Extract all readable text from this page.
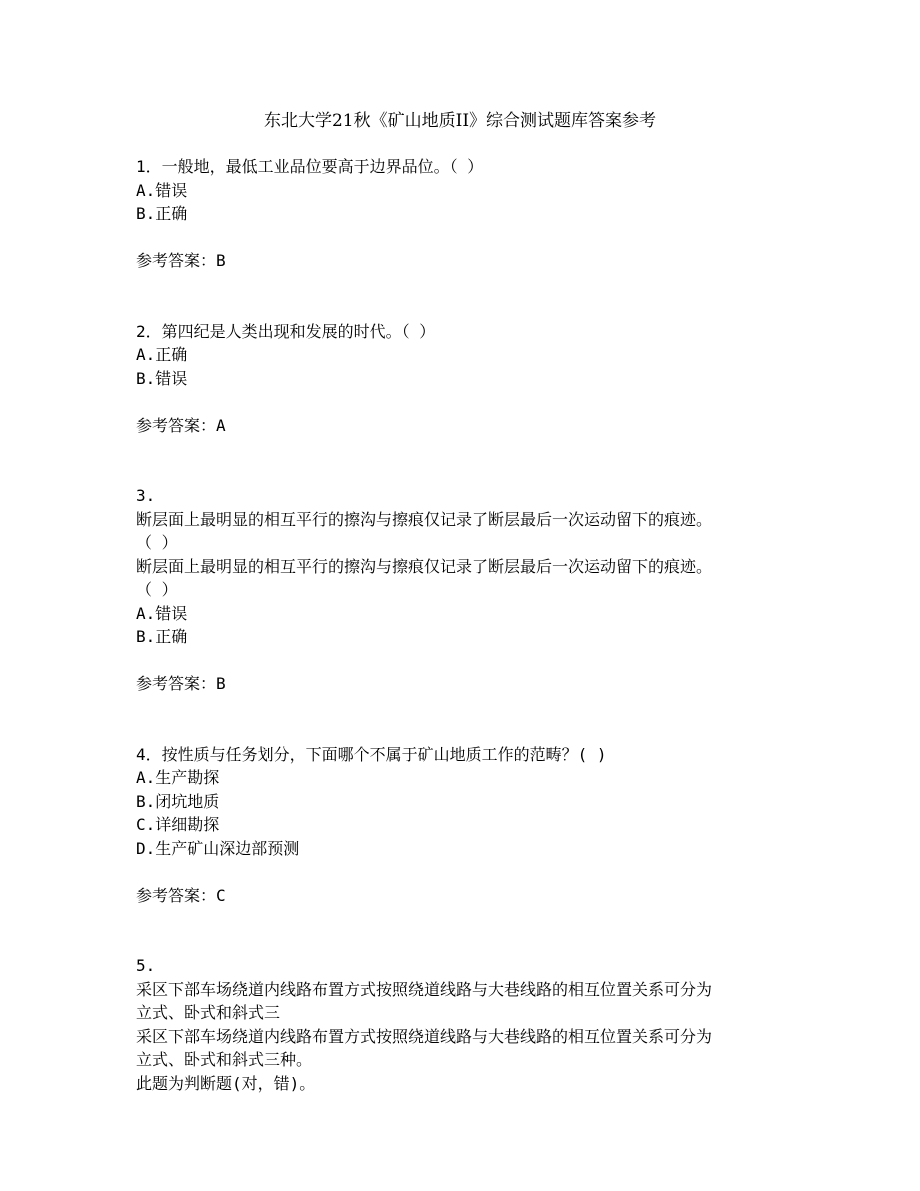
东北大学21秋《矿山地质II》综合测试题库答案参考
1．一般地，最低工业品位要高于边界品位。（ ）
A.错误
B.正确
参考答案：B
2．第四纪是人类出现和发展的时代。（ ）
A.正确
B.错误
参考答案：A
3.
断层面上最明显的相互平行的擦沟与擦痕仅记录了断层最后一次运动留下的痕迹。
（ ）
断层面上最明显的相互平行的擦沟与擦痕仅记录了断层最后一次运动留下的痕迹。
（ ）
A.错误
B.正确
参考答案：B
4．按性质与任务划分，下面哪个不属于矿山地质工作的范畴？( )
A.生产勘探
B.闭坑地质
C.详细勘探
D.生产矿山深边部预测
参考答案：C
5.
采区下部车场绕道内线路布置方式按照绕道线路与大巷线路的相互位置关系可分为
立式、卧式和斜式三
采区下部车场绕道内线路布置方式按照绕道线路与大巷线路的相互位置关系可分为
立式、卧式和斜式三种。
此题为判断题(对，错)。
